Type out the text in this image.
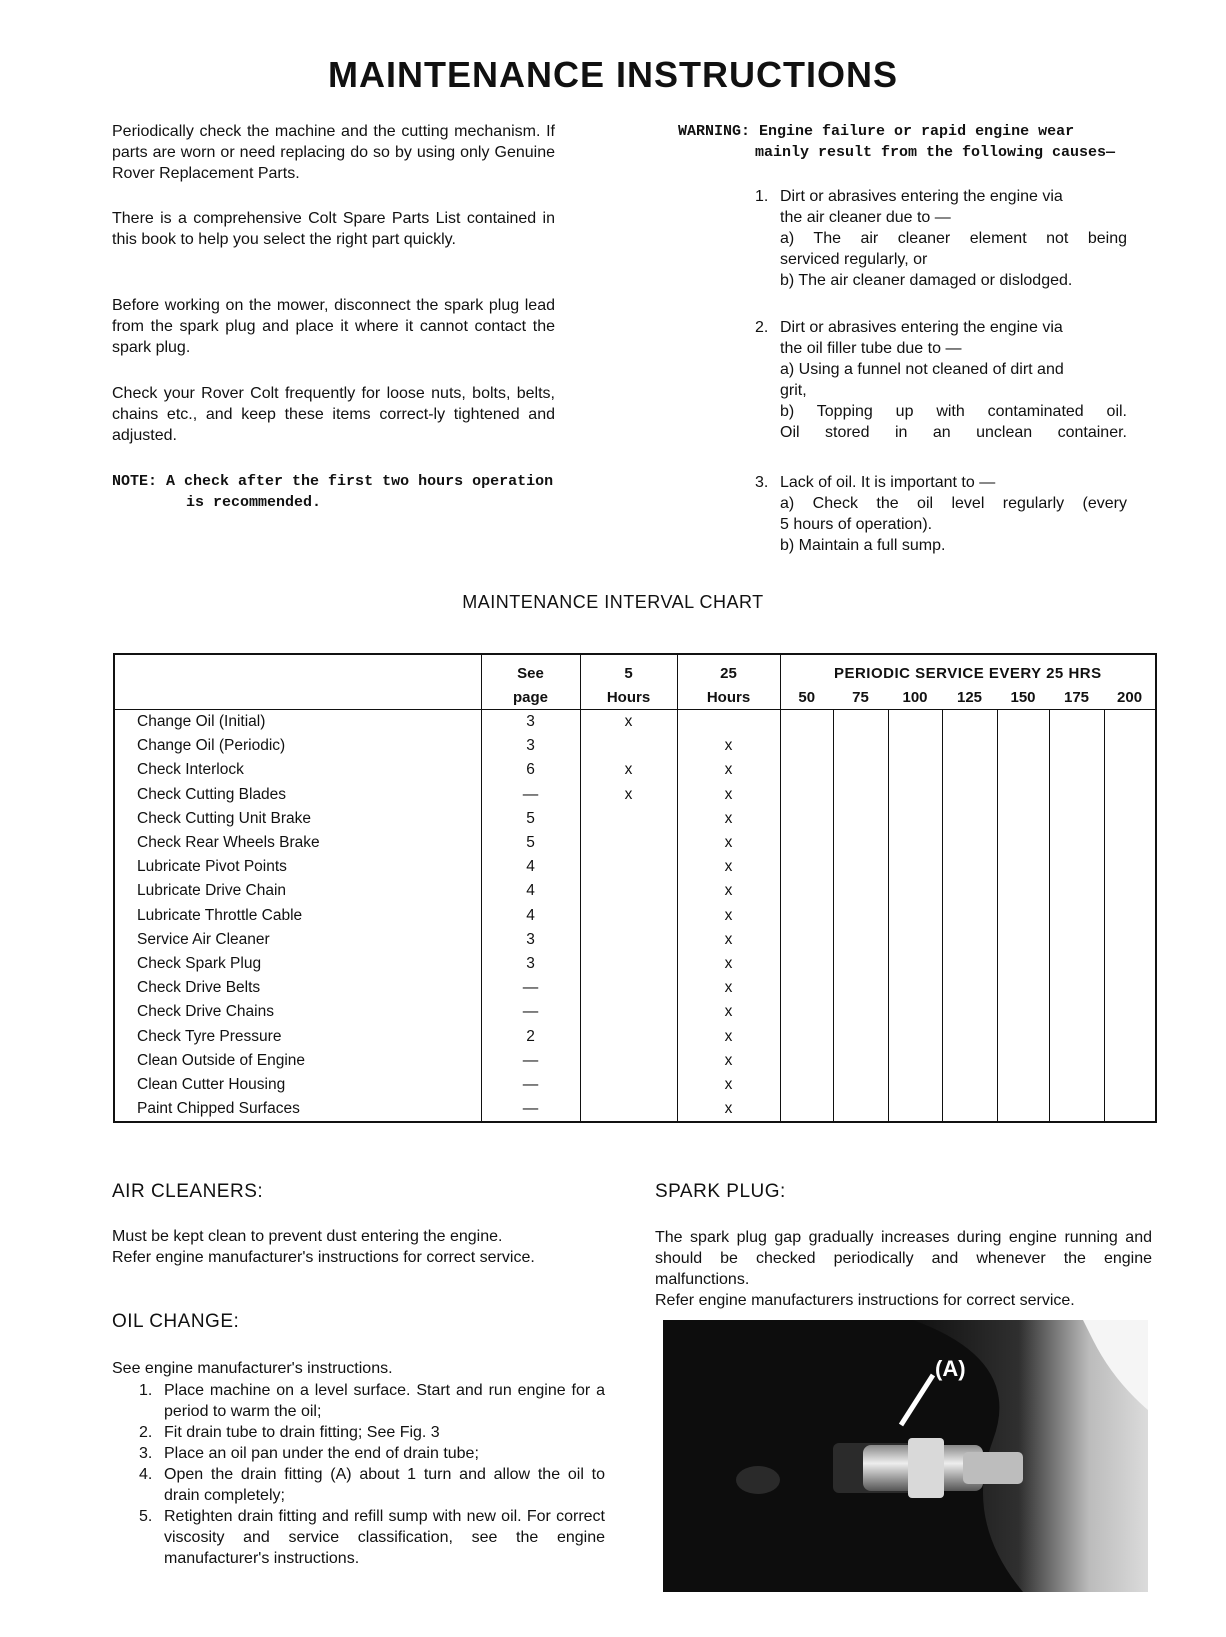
MAINTENANCE INSTRUCTIONS
Periodically check the machine and the cutting mechanism. If parts are worn or need replacing do so by using only Genuine Rover Replacement Parts.
There is a comprehensive Colt Spare Parts List contained in this book to help you select the right part quickly.
Before working on the mower, disconnect the spark plug lead from the spark plug and place it where it cannot contact the spark plug.
Check your Rover Colt frequently for loose nuts, bolts, belts, chains etc., and keep these items correct-ly tightened and adjusted.
NOTE: A check after the first two hours operation
is recommended.
WARNING: Engine failure or rapid engine wear
mainly result from the following causes—
1. Dirt or abrasives entering the engine via
the air cleaner due to —
a) The air cleaner element not being
serviced regularly, or
b) The air cleaner damaged or dislodged.
2. Dirt or abrasives entering the engine via
the oil filler tube due to —
a) Using a funnel not cleaned of dirt and
grit,
b) Topping up with contaminated oil.
Oil stored in an unclean container.
3. Lack of oil. It is important to —
a) Check the oil level regularly (every
5 hours of operation).
b) Maintain a full sump.
MAINTENANCE INTERVAL CHART
	See	5	25	PERIODIC SERVICE EVERY 25 HRS						
	page	Hours	Hours	50	75	100	125	150	175	200
Change Oil (Initial)	3	x								
Change Oil (Periodic)	3		x							
Check Interlock	6	x	x							
Check Cutting Blades	—	x	x							
Check Cutting Unit Brake	5		x							
Check Rear Wheels Brake	5		x							
Lubricate Pivot Points	4		x							
Lubricate Drive Chain	4		x							
Lubricate Throttle Cable	4		x							
Service Air Cleaner	3		x							
Check Spark Plug	3		x							
Check Drive Belts	—		x							
Check Drive Chains	—		x							
Check Tyre Pressure	2		x							
Clean Outside of Engine	—		x							
Clean Cutter Housing	—		x							
Paint Chipped Surfaces	—		x							
AIR CLEANERS:
Must be kept clean to prevent dust entering the engine.
Refer engine manufacturer's instructions for correct service.
OIL CHANGE:
See engine manufacturer's instructions.
1. Place machine on a level surface. Start and run engine for a period to warm the oil;
2. Fit drain tube to drain fitting; See Fig. 3
3. Place an oil pan under the end of drain tube;
4. Open the drain fitting (A) about 1 turn and allow the oil to drain completely;
5. Retighten drain fitting and refill sump with new oil. For correct viscosity and service classification, see the engine manufacturer's instructions.
SPARK PLUG:
The spark plug gap gradually increases during engine running and should be checked periodically and whenever the engine malfunctions.
Refer engine manufacturers instructions for correct service.
(A)
